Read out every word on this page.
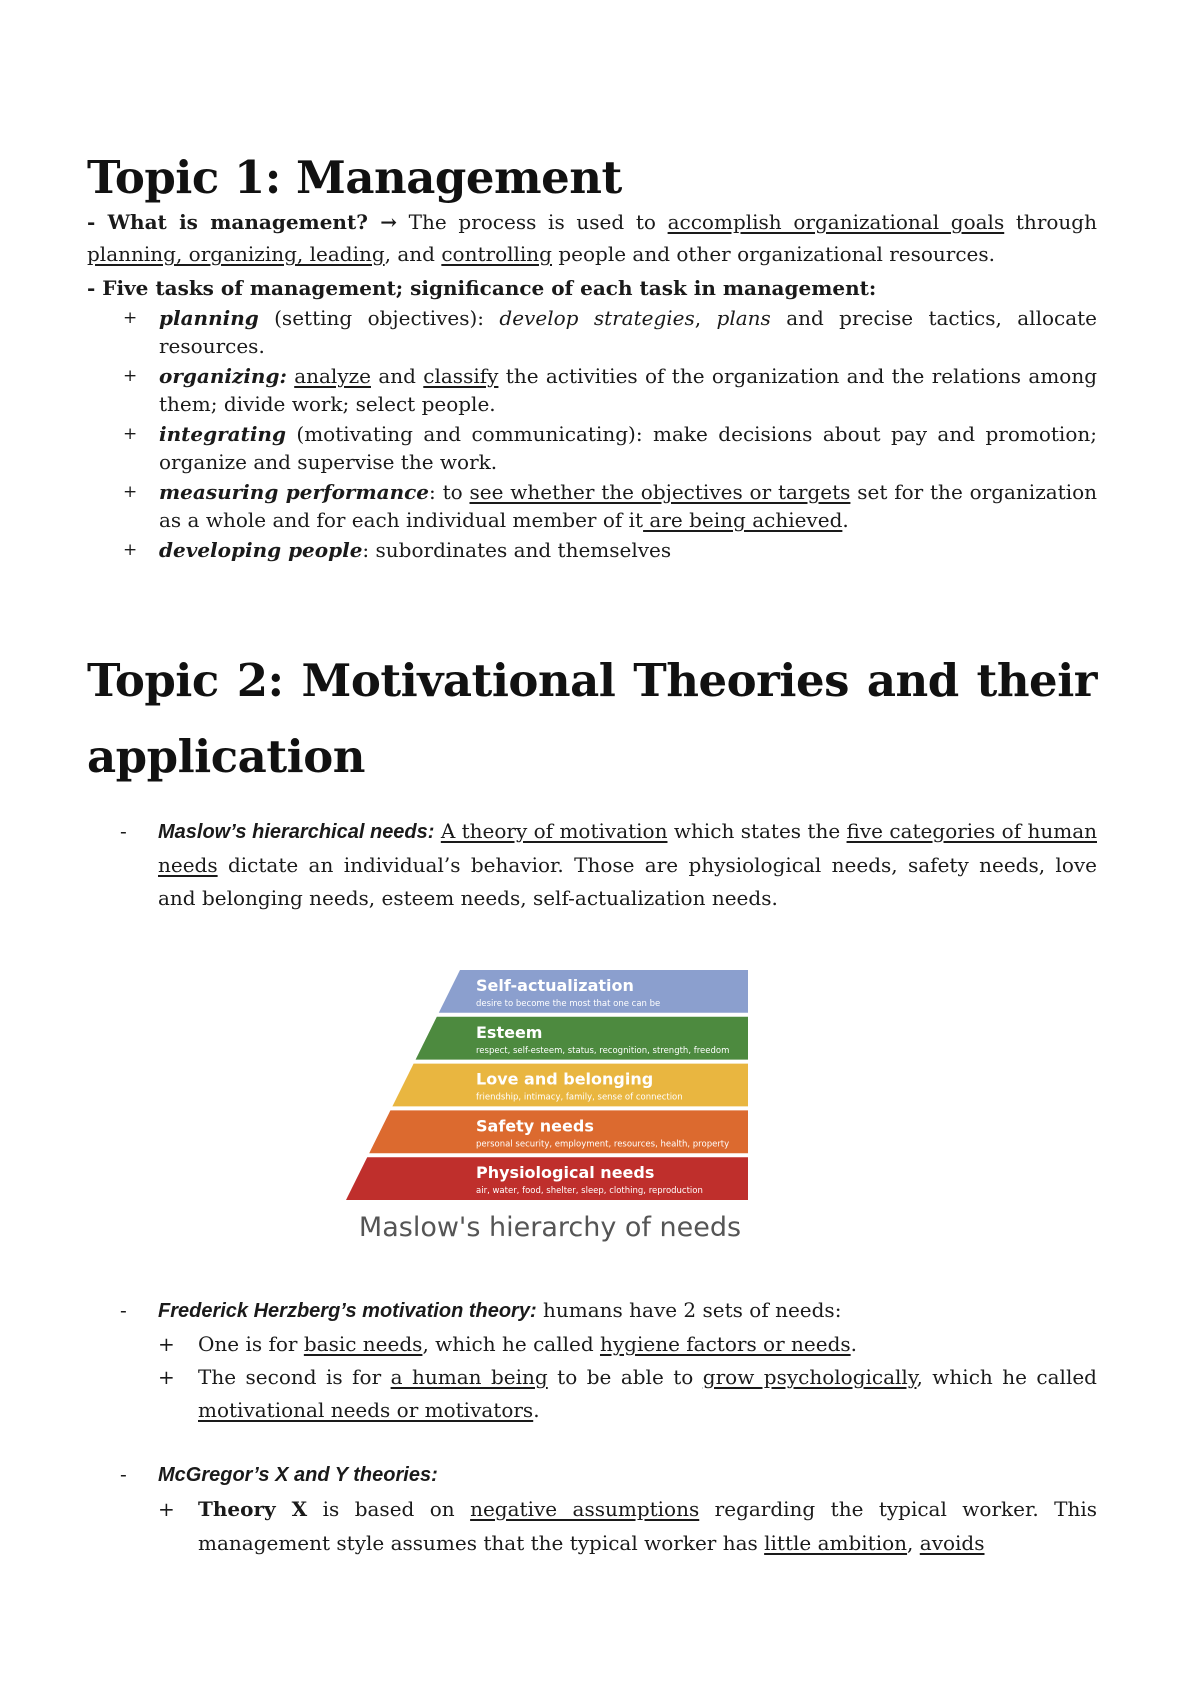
Topic 1: Management
- What is management? → The process is used to accomplish organizational goals through planning, organizing, leading, and controlling people and other organizational resources.
- Five tasks of management; significance of each task in management:
+ planning (setting objectives): develop strategies, plans and precise tactics, allocate resources.
+ organizing: analyze and classify the activities of the organization and the relations among them; divide work; select people.
+ integrating (motivating and communicating): make decisions about pay and promotion; organize and supervise the work.
+ measuring performance: to see whether the objectives or targets set for the organization as a whole and for each individual member of it are being achieved.
+ developing people: subordinates and themselves
Topic 2: Motivational Theories and their
application
- Maslow’s hierarchical needs: A theory of motivation which states the five categories of human needs dictate an individual’s behavior. Those are physiological needs, safety needs, love and belonging needs, esteem needs, self-actualization needs.
Self-actualization
desire to become the most that one can be
Esteem
respect, self-esteem, status, recognition, strength, freedom
Love and belonging
friendship, intimacy, family, sense of connection
Safety needs
personal security, employment, resources, health, property
Physiological needs
air, water, food, shelter, sleep, clothing, reproduction
Maslow's hierarchy of needs
- Frederick Herzberg’s motivation theory: humans have 2 sets of needs:
+ One is for basic needs, which he called hygiene factors or needs.
+ The second is for a human being to be able to grow psychologically, which he called motivational needs or motivators.
- McGregor’s X and Y theories:
+ Theory X is based on negative assumptions regarding the typical worker. This management style assumes that the typical worker has little ambition, avoids
